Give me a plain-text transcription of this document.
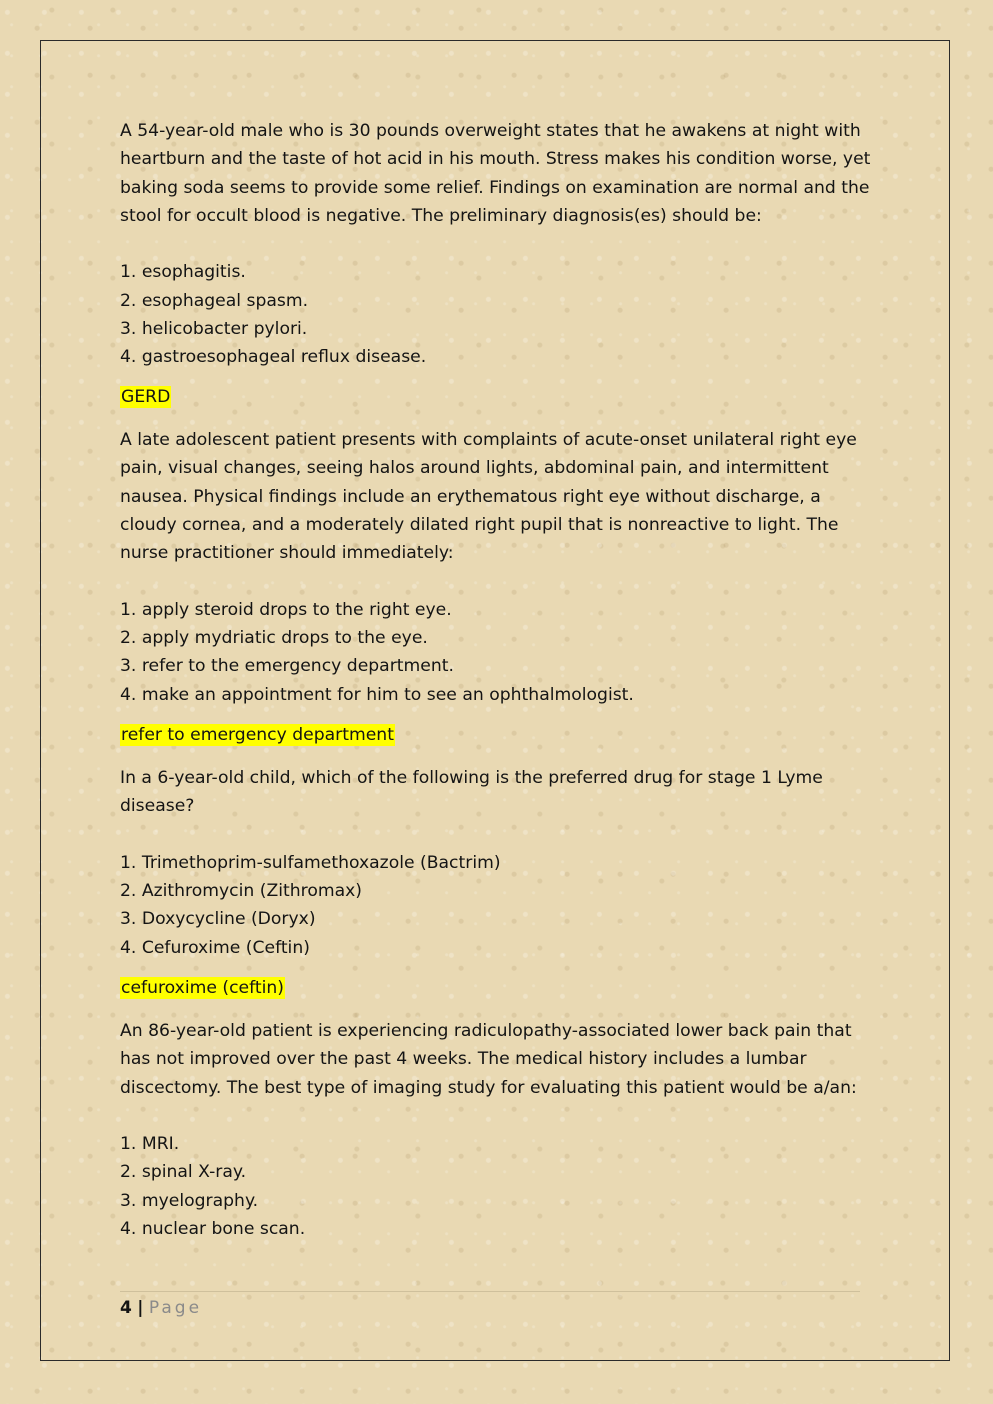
A 54-year-old male who is 30 pounds overweight states that he awakens at night with heartburn and the taste of hot acid in his mouth. Stress makes his condition worse, yet baking soda seems to provide some relief. Findings on examination are normal and the stool for occult blood is negative. The preliminary diagnosis(es) should be:

1. esophagitis.
2. esophageal spasm.
3. helicobacter pylori.
4. gastroesophageal reflux disease.

GERD

A late adolescent patient presents with complaints of acute-onset unilateral right eye pain, visual changes, seeing halos around lights, abdominal pain, and intermittent nausea. Physical findings include an erythematous right eye without discharge, a cloudy cornea, and a moderately dilated right pupil that is nonreactive to light. The nurse practitioner should immediately:

1. apply steroid drops to the right eye.
2. apply mydriatic drops to the eye.
3. refer to the emergency department.
4. make an appointment for him to see an ophthalmologist.

refer to emergency department

In a 6-year-old child, which of the following is the preferred drug for stage 1 Lyme disease?

1. Trimethoprim-sulfamethoxazole (Bactrim)
2. Azithromycin (Zithromax)
3. Doxycycline (Doryx)
4. Cefuroxime (Ceftin)

cefuroxime (ceftin)

An 86-year-old patient is experiencing radiculopathy-associated lower back pain that has not improved over the past 4 weeks. The medical history includes a lumbar discectomy. The best type of imaging study for evaluating this patient would be a/an:

1. MRI.
2. spinal X-ray.
3. myelography.
4. nuclear bone scan.
4 | Page
